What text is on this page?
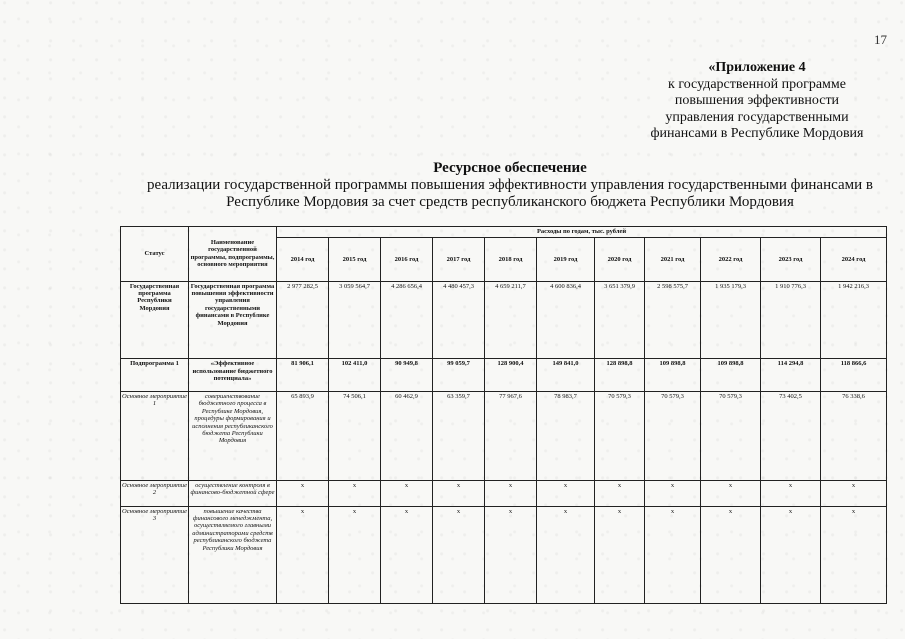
17
«Приложение 4
к государственной программе
повышения эффективности
управления государственными
финансами в Республике Мордовия
Ресурсное обеспечение
реализации государственной программы повышения эффективности управления государственными финансами в Республике Мордовия за счет средств республиканского бюджета Республики Мордовия
Статус	Наименование государственной программы, подпрограммы, основного мероприятия	Расходы по годам, тыс. рублей										
		2014 год	2015 год	2016 год	2017 год	2018 год	2019 год	2020 год	2021 год	2022 год	2023 год	2024 год
Государственная программа Республики Мордовия	Государственная программа повышения эффективности управления государственными финансами в Республике Мордовия	2 977 282,5	3 059 564,7	4 286 656,4	4 480 457,3	4 659 211,7	4 600 836,4	3 651 379,9	2 598 575,7	1 935 179,3	1 910 776,3	1 942 216,3
Подпрограмма 1	«Эффективное использование бюджетного потенциала»	81 906,1	102 411,0	90 949,8	99 059,7	128 900,4	149 841,0	128 898,8	109 898,8	109 898,8	114 294,8	118 866,6
Основное мероприятие 1	совершенствование бюджетного процесса в Республике Мордовия, процедуры формирования и исполнения республиканского бюджета Республики Мордовия	65 893,9	74 506,1	60 462,9	63 359,7	77 967,6	78 983,7	70 579,3	70 579,3	70 579,3	73 402,5	76 338,6
Основное мероприятие 2	осуществление контроля в финансово-бюджетной сфере	х	х	х	х	х	х	х	х	х	х	х
Основное мероприятие 3	повышение качества финансового менеджмента, осуществляемого главными администраторами средств республиканского бюджета Республики Мордовия	х	х	х	х	х	х	х	х	х	х	х
